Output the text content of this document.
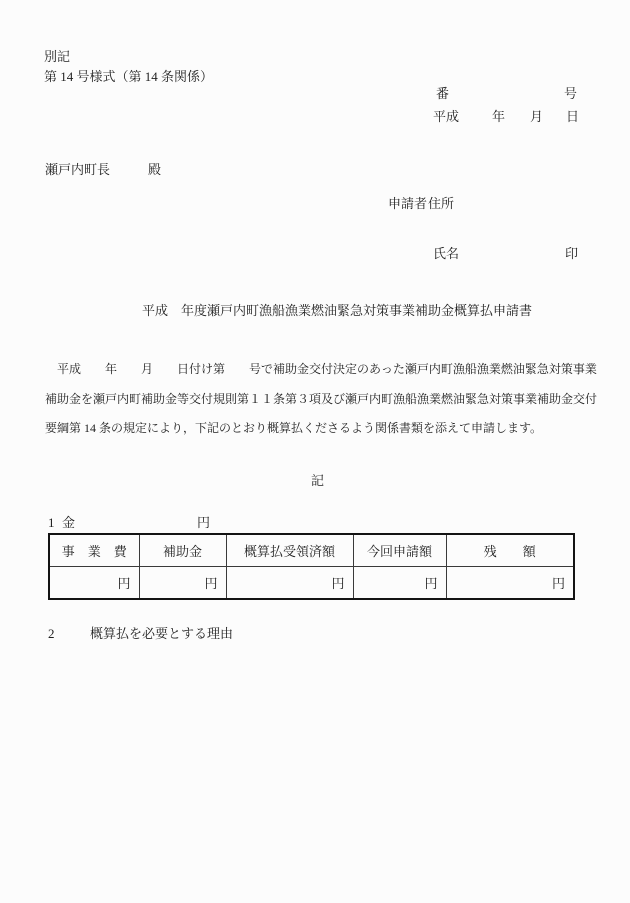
別記
第 14 号様式（第 14 条関係）
番	号
平成	年 月 日
瀬戸内町長	殿
申請者 住所
氏名	印
平成　年度瀬戸内町漁船漁業燃油緊急対策事業補助金概算払申請書
平成　　年　　月　　日付け第　　号で補助金交付決定のあった瀬戸内町漁船漁業燃油緊急対策事業
補助金を瀬戸内町補助金等交付規則第１１条第３項及び瀬戸内町漁船漁業燃油緊急対策事業補助金交付
要綱第 14 条の規定により，下記のとおり概算払くださるよう関係書類を添えて申請します。
記
1 金	円
事　業　費	補助金	概算払受領済額	今回申請額	残　　額
円	円	円	円	円
2	概算払を必要とする理由
